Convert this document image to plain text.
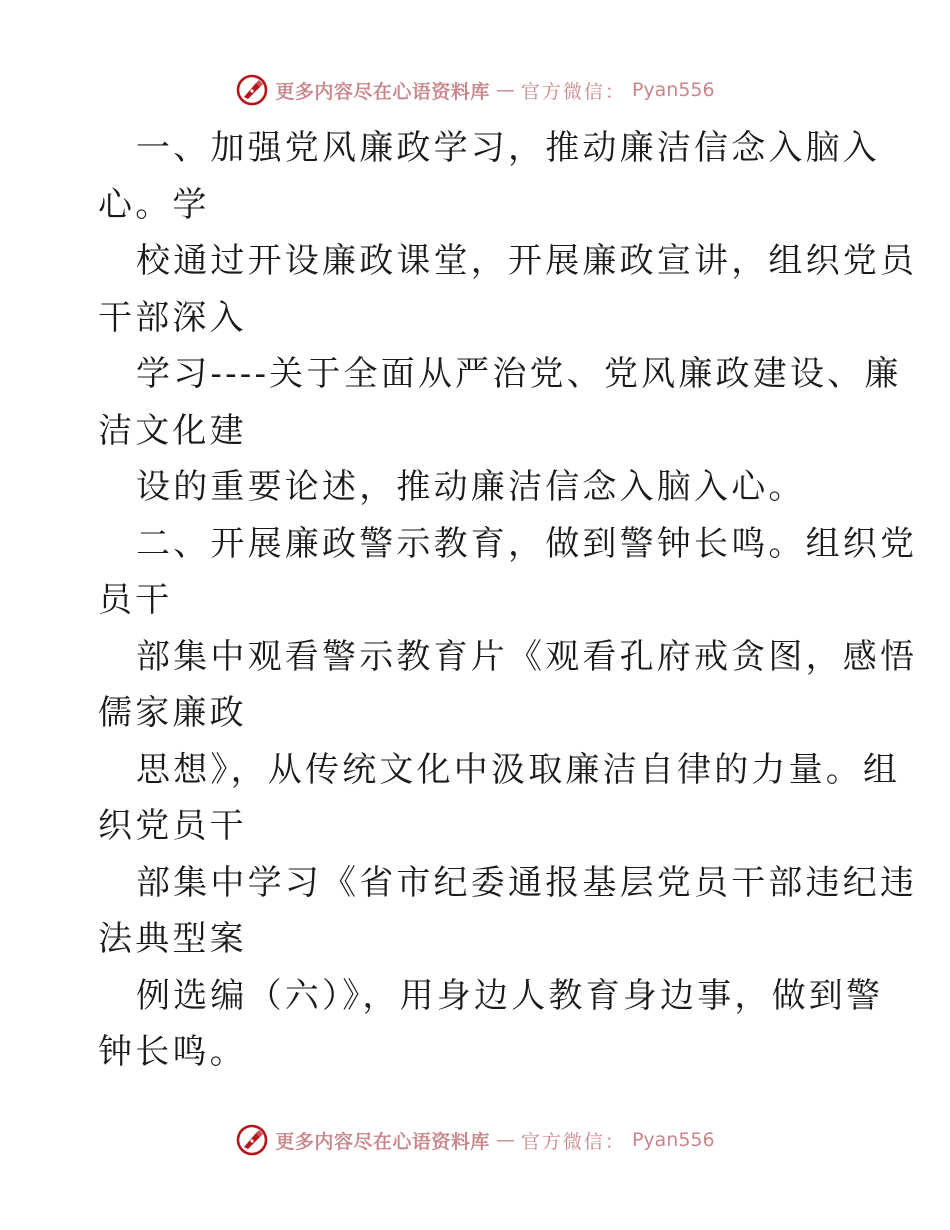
更多内容尽在心语资料库 — 官方微信： Pyan556
一、加强党风廉政学习，推动廉洁信念入脑入
心。学
校通过开设廉政课堂，开展廉政宣讲，组织党员
干部深入
学习----关于全面从严治党、党风廉政建设、廉
洁文化建
设的重要论述，推动廉洁信念入脑入心。
二、开展廉政警示教育，做到警钟长鸣。组织党
员干
部集中观看警示教育片《观看孔府戒贪图，感悟
儒家廉政
思想》，从传统文化中汲取廉洁自律的力量。组
织党员干
部集中学习《省市纪委通报基层党员干部违纪违
法典型案
例选编（六）》，用身边人教育身边事，做到警
钟长鸣。
更多内容尽在心语资料库 — 官方微信： Pyan556
